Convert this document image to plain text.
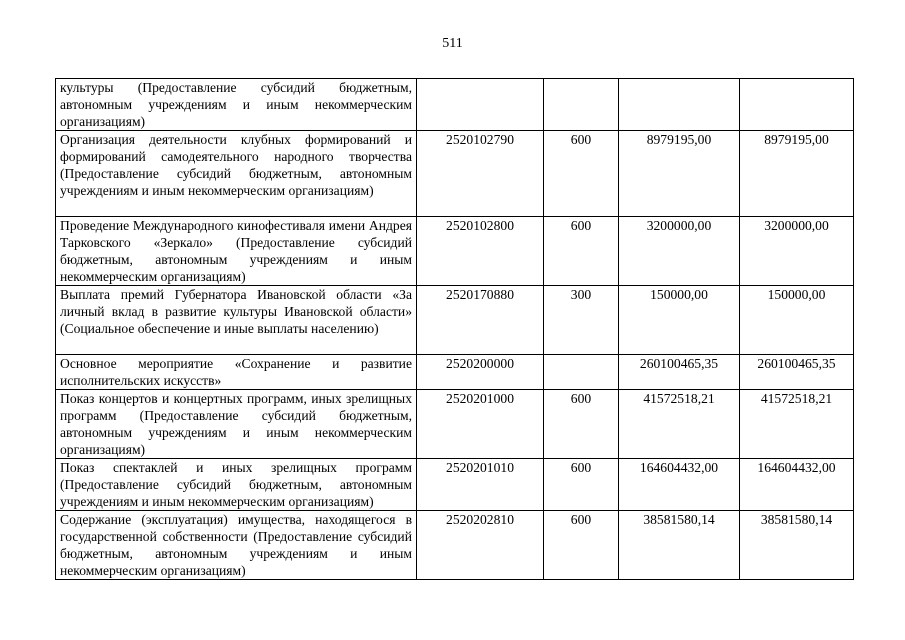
511
культуры (Предоставление субсидий бюджетным, автономным учреждениям и иным некоммерческим организациям)				
Организация деятельности клубных формирований и формирований самодеятельного народного творчества (Предоставление субсидий бюджетным, автономным учреждениям и иным некоммерческим организациям)	2520102790	600	8979195,00	8979195,00
Проведение Международного кинофестиваля имени Андрея Тарковского «Зеркало» (Предоставление субсидий бюджетным, автономным учреждениям и иным некоммерческим организациям)	2520102800	600	3200000,00	3200000,00
Выплата премий Губернатора Ивановской области «За личный вклад в развитие культуры Ивановской области» (Социальное обеспечение и иные выплаты населению)	2520170880	300	150000,00	150000,00
Основное мероприятие «Сохранение и развитие исполнительских искусств»	2520200000		260100465,35	260100465,35
Показ концертов и концертных программ, иных зрелищных программ (Предоставление субсидий бюджетным, автономным учреждениям и иным некоммерческим организациям)	2520201000	600	41572518,21	41572518,21
Показ спектаклей и иных зрелищных программ (Предоставление субсидий бюджетным, автономным учреждениям и иным некоммерческим организациям)	2520201010	600	164604432,00	164604432,00
Содержание (эксплуатация) имущества, находящегося в государственной собственности (Предоставление субсидий бюджетным, автономным учреждениям и иным некоммерческим организациям)	2520202810	600	38581580,14	38581580,14
